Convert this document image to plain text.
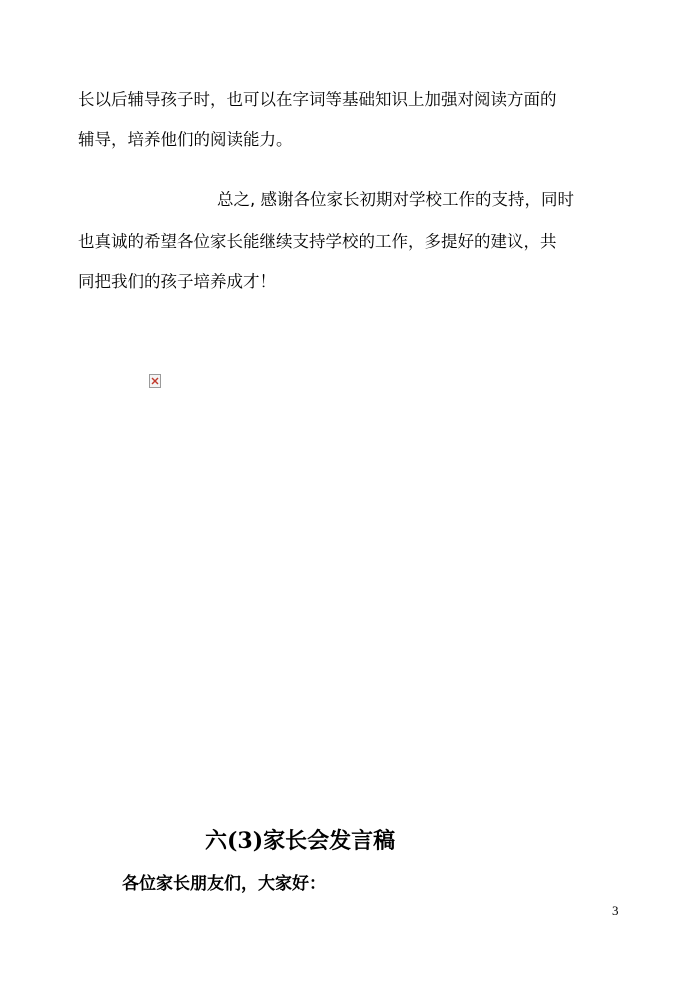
长以后辅导孩子时，也可以在字词等基础知识上加强对阅读方面的
辅导，培养他们的阅读能力。
总之, 感谢各位家长初期对学校工作的支持，同时
也真诚的希望各位家长能继续支持学校的工作，多提好的建议，共
同把我们的孩子培养成才！
六(3)家长会发言稿
各位家长朋友们，大家好：
3
